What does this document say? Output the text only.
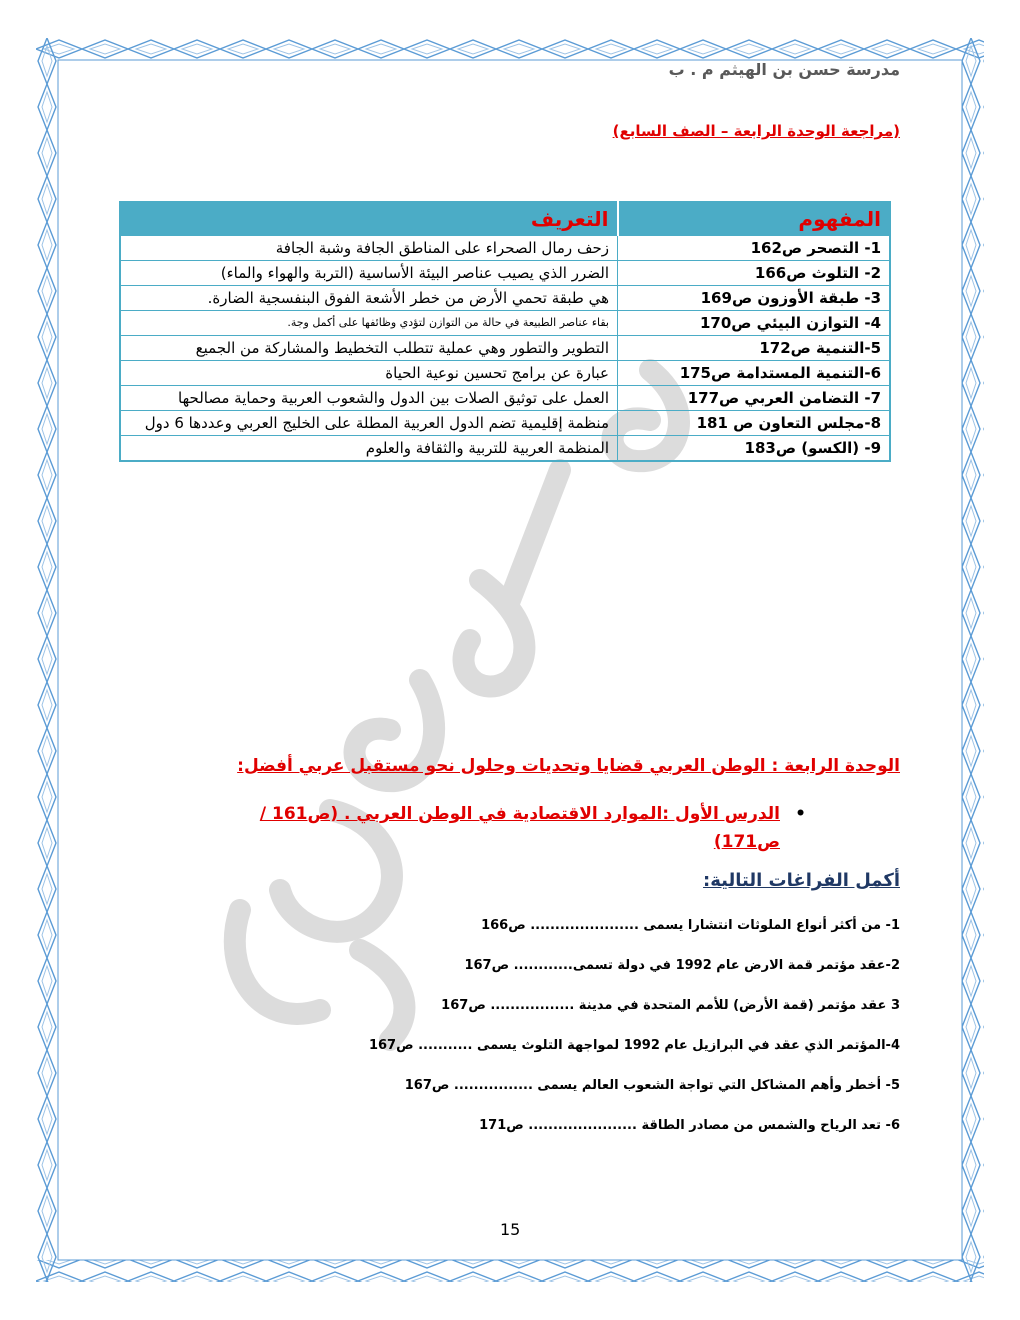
مدرسة حسن بن الهيثم م . ب
(مراجعة الوحدة الرابعة – الصف السابع)
المفهوم	التعريف
1- التصحر ص162	زحف رمال الصحراء على المناطق الجافة وشبة الجافة
2- التلوث ص166	الضرر الذي يصيب عناصر البيئة الأساسية (التربة والهواء والماء)
3- طبقة الأوزون ص169	هي طبقة تحمي الأرض من خطر الأشعة الفوق البنفسجية الضارة.
4- التوازن البيئي ص170	بقاء عناصر الطبيعة في حالة من التوازن لتؤدي وظائفها على أكمل وجة.
5-التنمية ص172	التطوير والتطور وهي عملية تتطلب التخطيط والمشاركة من الجميع
6-التنمية المستدامة ص175	عبارة عن برامج تحسين نوعية الحياة
7- التضامن العربي ص177	العمل على توثيق الصلات بين الدول والشعوب العربية وحماية مصالحها
8-مجلس التعاون ص 181	منظمة إقليمية تضم الدول العربية المطلة على الخليج العربي وعددها 6 دول
9- (الكسو) ص183	المنظمة العربية للتربية والثقافة والعلوم
الوحدة الرابعة : الوطن العربي قضايا وتحديات وحلول نحو مستقبل عربي أفضل:
•
الدرس الأول :الموارد الاقتصادية في الوطن العربي . (ص161 / ص171)
أكمل الفراغات التالية:
1- من أكثر أنواع الملوثات انتشارا يسمى ...................... ص166
2-عقد مؤتمر قمة الارض عام 1992 في دولة تسمى............ ص167
3 عقد مؤتمر (قمة الأرض) للأمم المتحدة في مدينة ................. ص167
4-المؤتمر الذي عقد في البرازيل عام 1992 لمواجهة التلوث يسمى ........... ص167
5- أخطر وأهم المشاكل التي تواجة الشعوب العالم يسمى ................ ص167
6- تعد الرياح والشمس من مصادر الطاقة ...................... ص171
15
